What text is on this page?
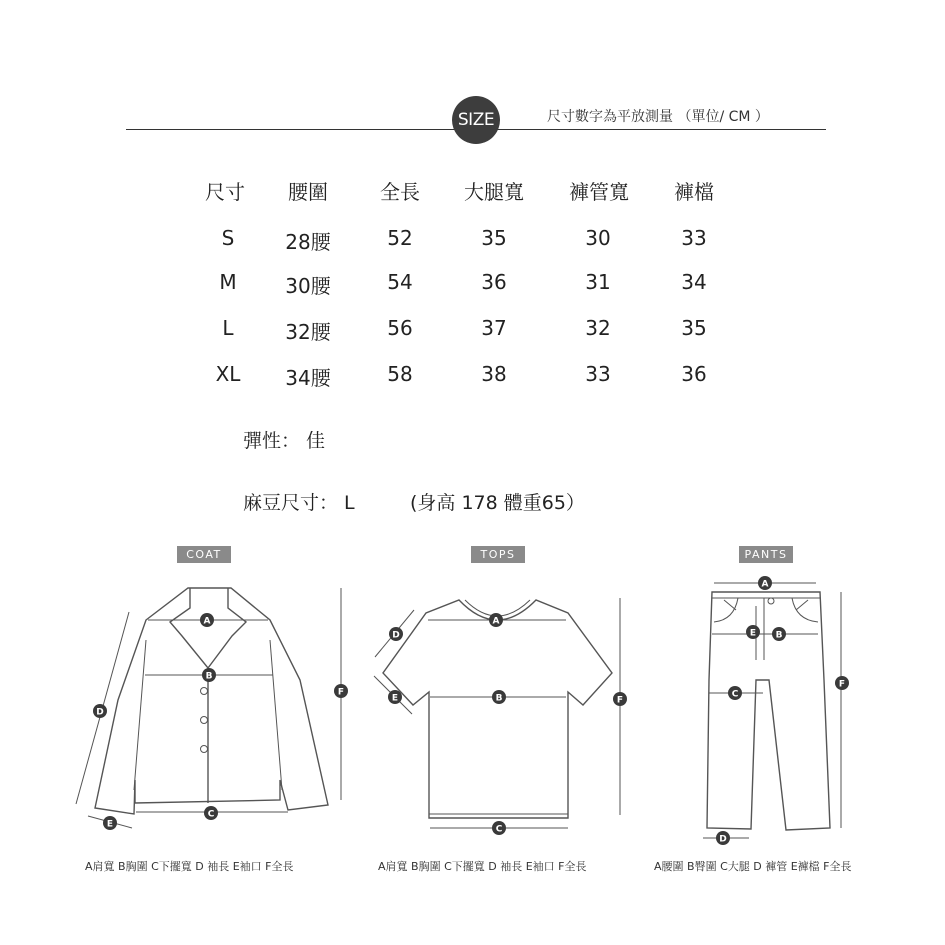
SIZE	尺寸數字為平放測量 （單位/ CM ）
尺寸 腰圍	全長 大腿寬 褲管寬 褲檔
S	28腰	52	35	30	33
M 30腰	54	36	31	34
L	32腰	56	37	32	35
XL 34腰	58	38	33	36
彈性： 佳
麻豆尺寸： L	(身高 178 體重65）
COAT	TOPS	PANTS
A
B
C
D
E
F
A
B
C
D
E	F
A
B
E
C
D
F
A肩寬 B胸圍 C下擺寬 D 袖長 E袖口 F全長	A肩寬 B胸圍 C下擺寬 D 袖長 E袖口 F全長	A腰圍 B臀圍 C大腿 D 褲管 E褲檔 F全長
